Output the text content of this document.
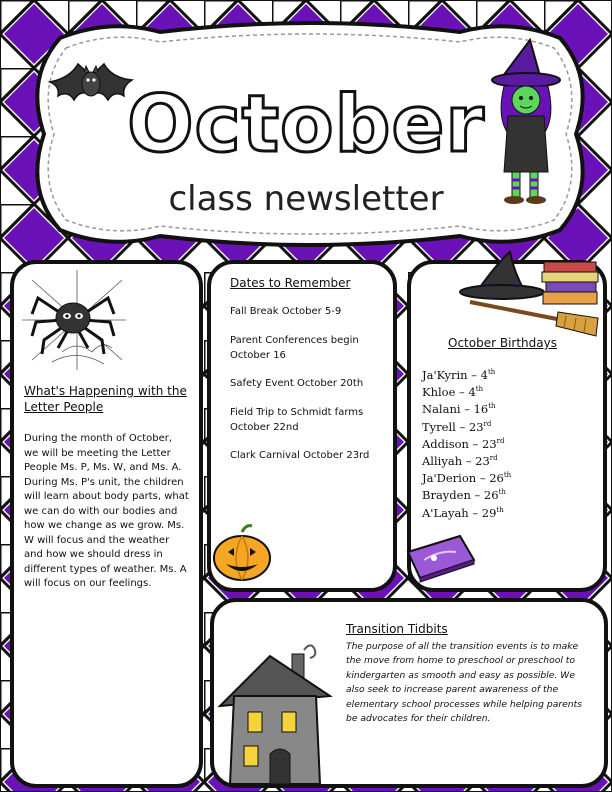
October
class newsletter
What's Happening with the Letter People
During the month of October, we will be meeting the Letter People Ms. P, Ms. W, and Ms. A. During Ms. P's unit, the children will learn about body parts, what we can do with our bodies and how we change as we grow. Ms. W will focus and the weather and how we should dress in different types of weather. Ms. A will focus on our feelings.
Dates to Remember
Fall Break October 5-9
Parent Conferences begin October 16
Safety Event October 20th
Field Trip to Schmidt farms October 22nd
Clark Carnival October 23rd
October Birthdays
Ja'Kyrin – 4th
Khloe – 4th
Nalani – 16th
Tyrell – 23rd
Addison – 23rd
Alliyah – 23rd
Ja'Derion – 26th
Brayden – 26th
A'Layah – 29th
Transition Tidbits
The purpose of all the transition events is to make the move from home to preschool or preschool to kindergarten as smooth and easy as possible. We also seek to increase parent awareness of the elementary school processes while helping parents be advocates for their children.
